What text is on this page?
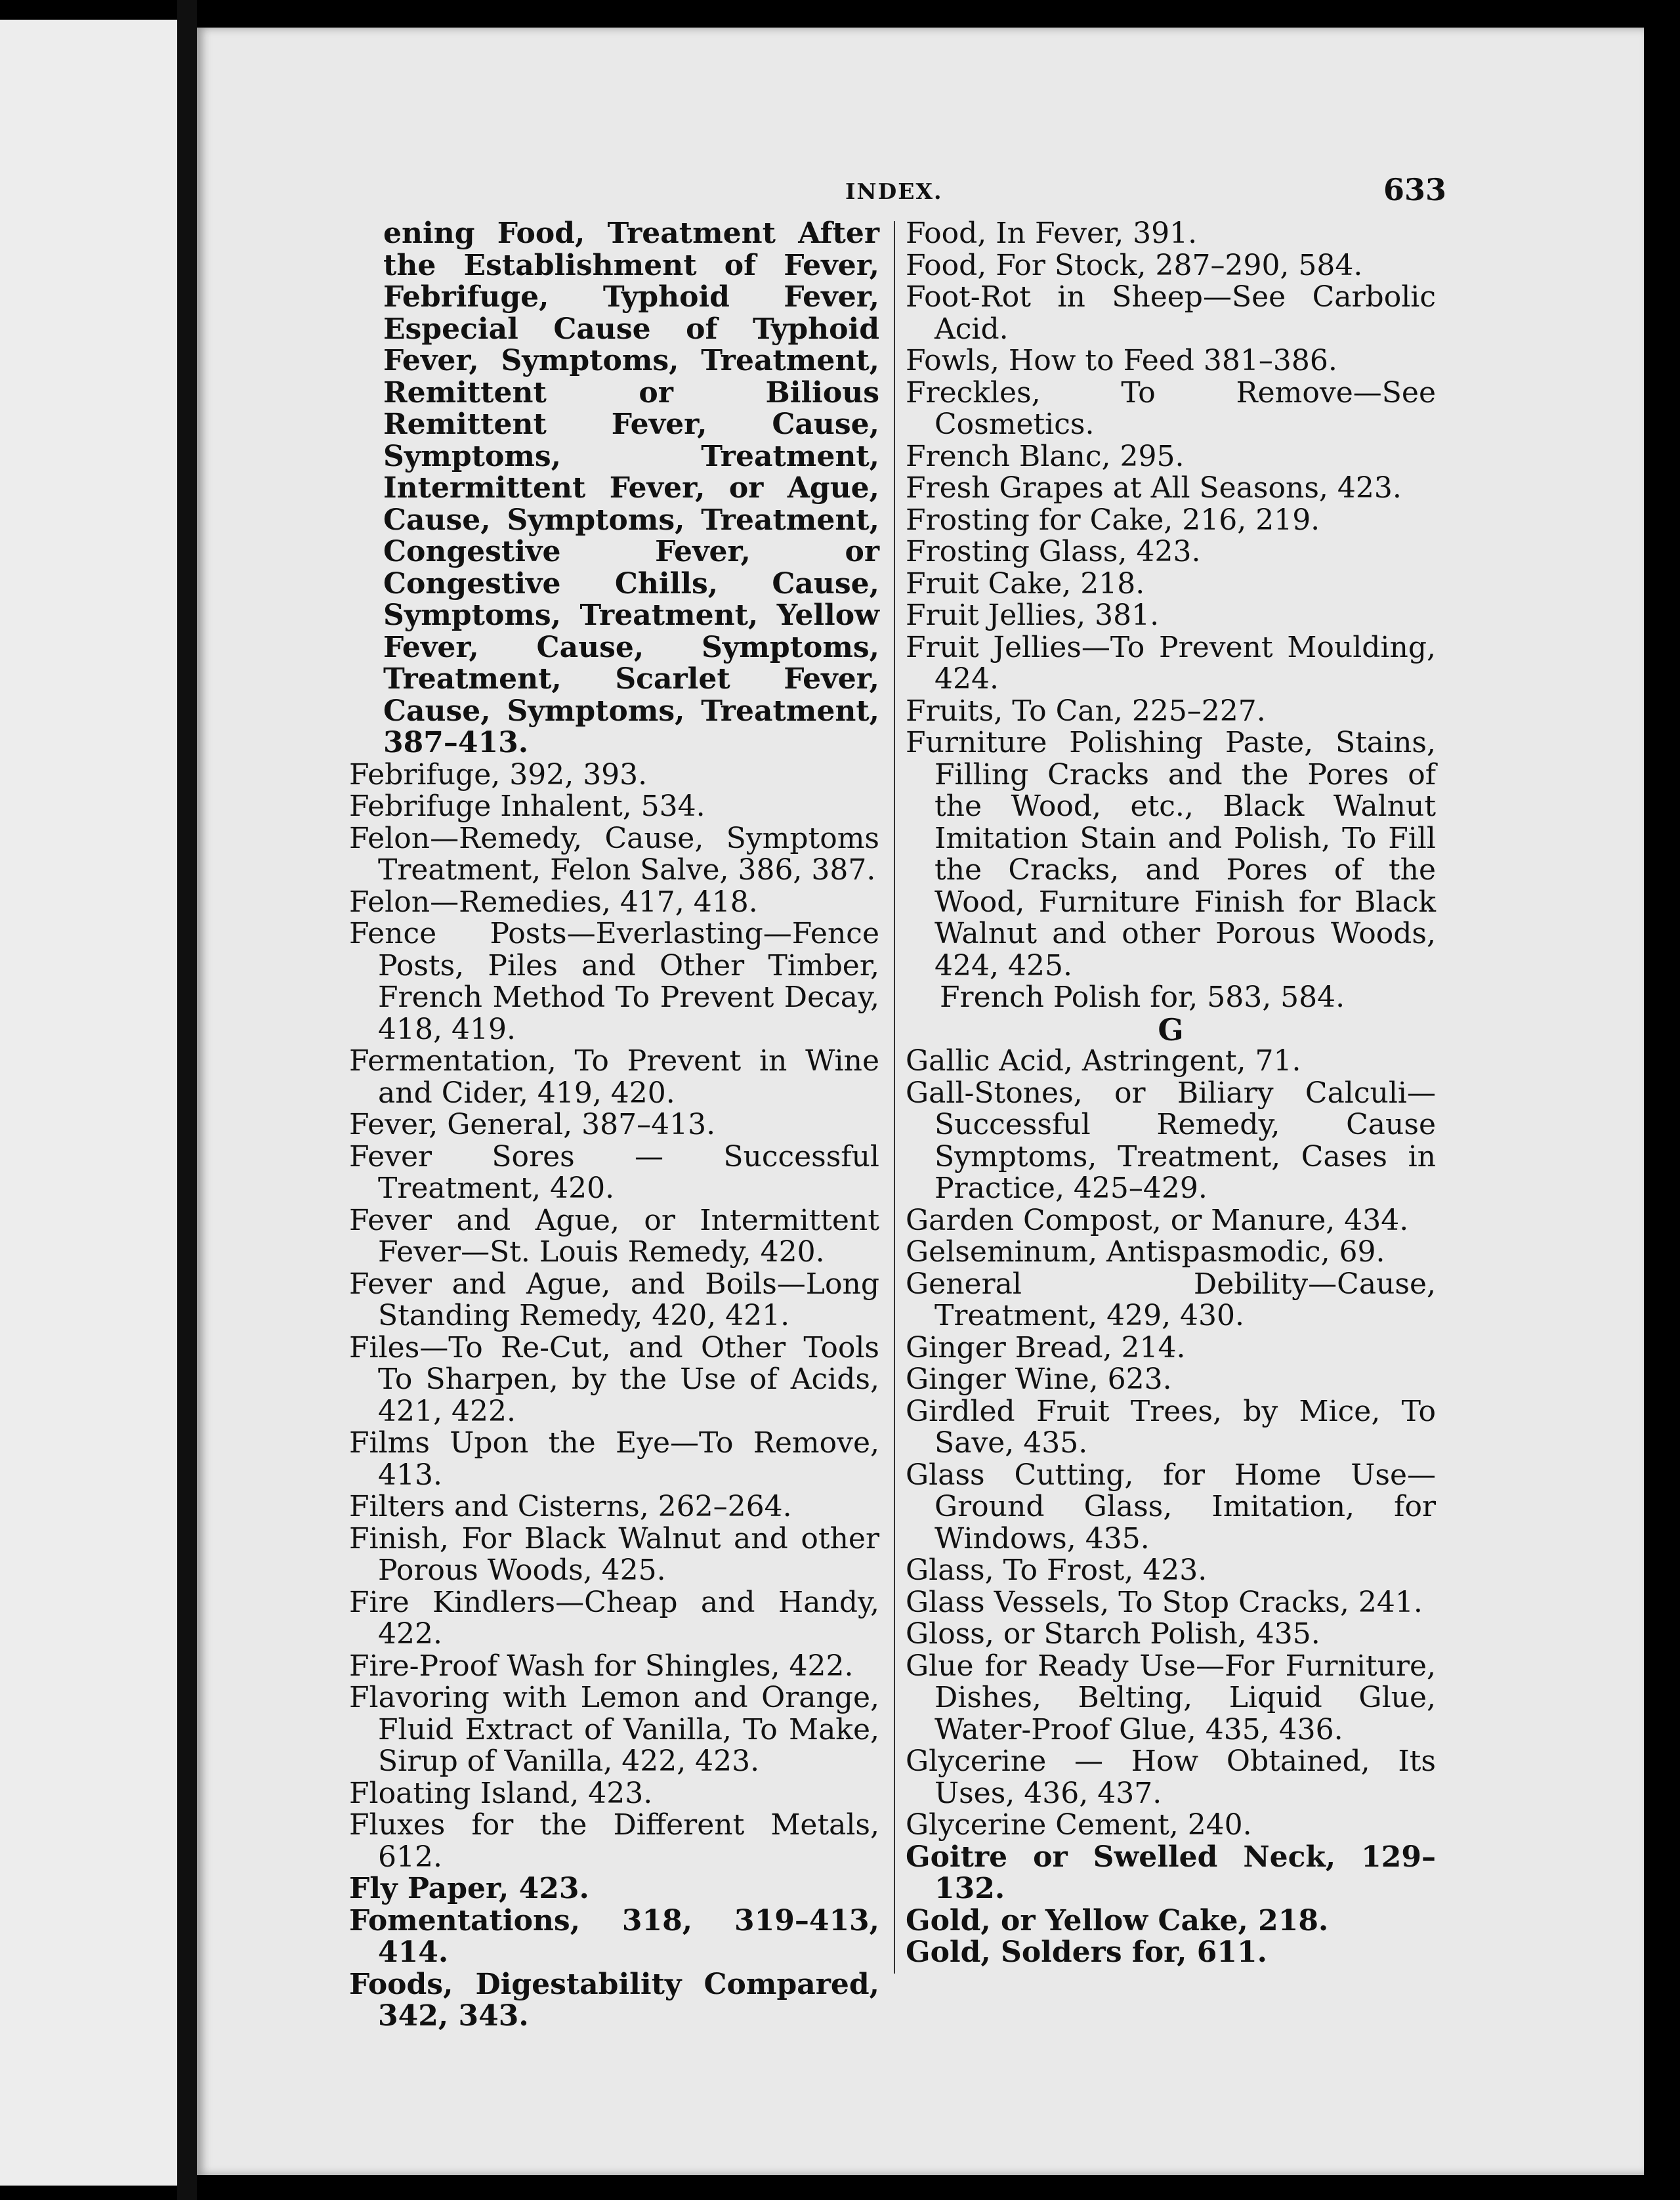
INDEX.	633

ening Food, Treatment After the Establishment of Fever, Febrifuge, Typhoid Fever, Especial Cause of Typhoid Fever, Symptoms, Treatment, Remittent or Bilious Remittent Fever, Cause, Symptoms, Treatment, Intermittent Fever, or Ague, Cause, Symptoms, Treatment, Congestive Fever, or Congestive Chills, Cause, Symptoms, Treatment, Yellow Fever, Cause, Symptoms, Treatment, Scarlet Fever, Cause, Symptoms, Treatment, 387–413.

Febrifuge, 392, 393.

Febrifuge Inhalent, 534.

Felon—Remedy, Cause, Symptoms Treatment, Felon Salve, 386, 387.

Felon—Remedies, 417, 418.

Fence Posts—Everlasting—Fence Posts, Piles and Other Timber, French Method To Prevent Decay, 418, 419.

Fermentation, To Prevent in Wine and Cider, 419, 420.

Fever, General, 387–413.

Fever Sores — Successful Treatment, 420.

Fever and Ague, or Intermittent Fever—St. Louis Remedy, 420.

Fever and Ague, and Boils—Long Standing Remedy, 420, 421.

Files—To Re-Cut, and Other Tools To Sharpen, by the Use of Acids, 421, 422.

Films Upon the Eye—To Remove, 413.

Filters and Cisterns, 262–264.

Finish, For Black Walnut and other Porous Woods, 425.

Fire Kindlers—Cheap and Handy, 422.

Fire-Proof Wash for Shingles, 422.

Flavoring with Lemon and Orange, Fluid Extract of Vanilla, To Make, Sirup of Vanilla, 422, 423.

Floating Island, 423.

Fluxes for the Different Metals, 612.

Fly Paper, 423.

Fomentations, 318, 319–413, 414.

Foods, Digestability Compared, 342, 343.

Food, In Fever, 391.

Food, For Stock, 287–290, 584.

Foot-Rot in Sheep—See Carbolic Acid.

Fowls, How to Feed 381–386.

Freckles, To Remove—See Cosmetics.

French Blanc, 295.

Fresh Grapes at All Seasons, 423.

Frosting for Cake, 216, 219.

Frosting Glass, 423.

Fruit Cake, 218.

Fruit Jellies, 381.

Fruit Jellies—To Prevent Moulding, 424.

Fruits, To Can, 225–227.

Furniture Polishing Paste, Stains, Filling Cracks and the Pores of the Wood, etc., Black Walnut Imitation Stain and Polish, To Fill the Cracks, and Pores of the Wood, Furniture Finish for Black Walnut and other Porous Woods, 424, 425.

French Polish for, 583, 584.

G

Gallic Acid, Astringent, 71.

Gall-Stones, or Biliary Calculi—Successful Remedy, Cause Symptoms, Treatment, Cases in Practice, 425–429.

Garden Compost, or Manure, 434.

Gelseminum, Antispasmodic, 69.

General Debility—Cause, Treatment, 429, 430.

Ginger Bread, 214.

Ginger Wine, 623.

Girdled Fruit Trees, by Mice, To Save, 435.

Glass Cutting, for Home Use—Ground Glass, Imitation, for Windows, 435.

Glass, To Frost, 423.

Glass Vessels, To Stop Cracks, 241.

Gloss, or Starch Polish, 435.

Glue for Ready Use—For Furniture, Dishes, Belting, Liquid Glue, Water-Proof Glue, 435, 436.

Glycerine — How Obtained, Its Uses, 436, 437.

Glycerine Cement, 240.

Goitre or Swelled Neck, 129–132.

Gold, or Yellow Cake, 218.

Gold, Solders for, 611.
